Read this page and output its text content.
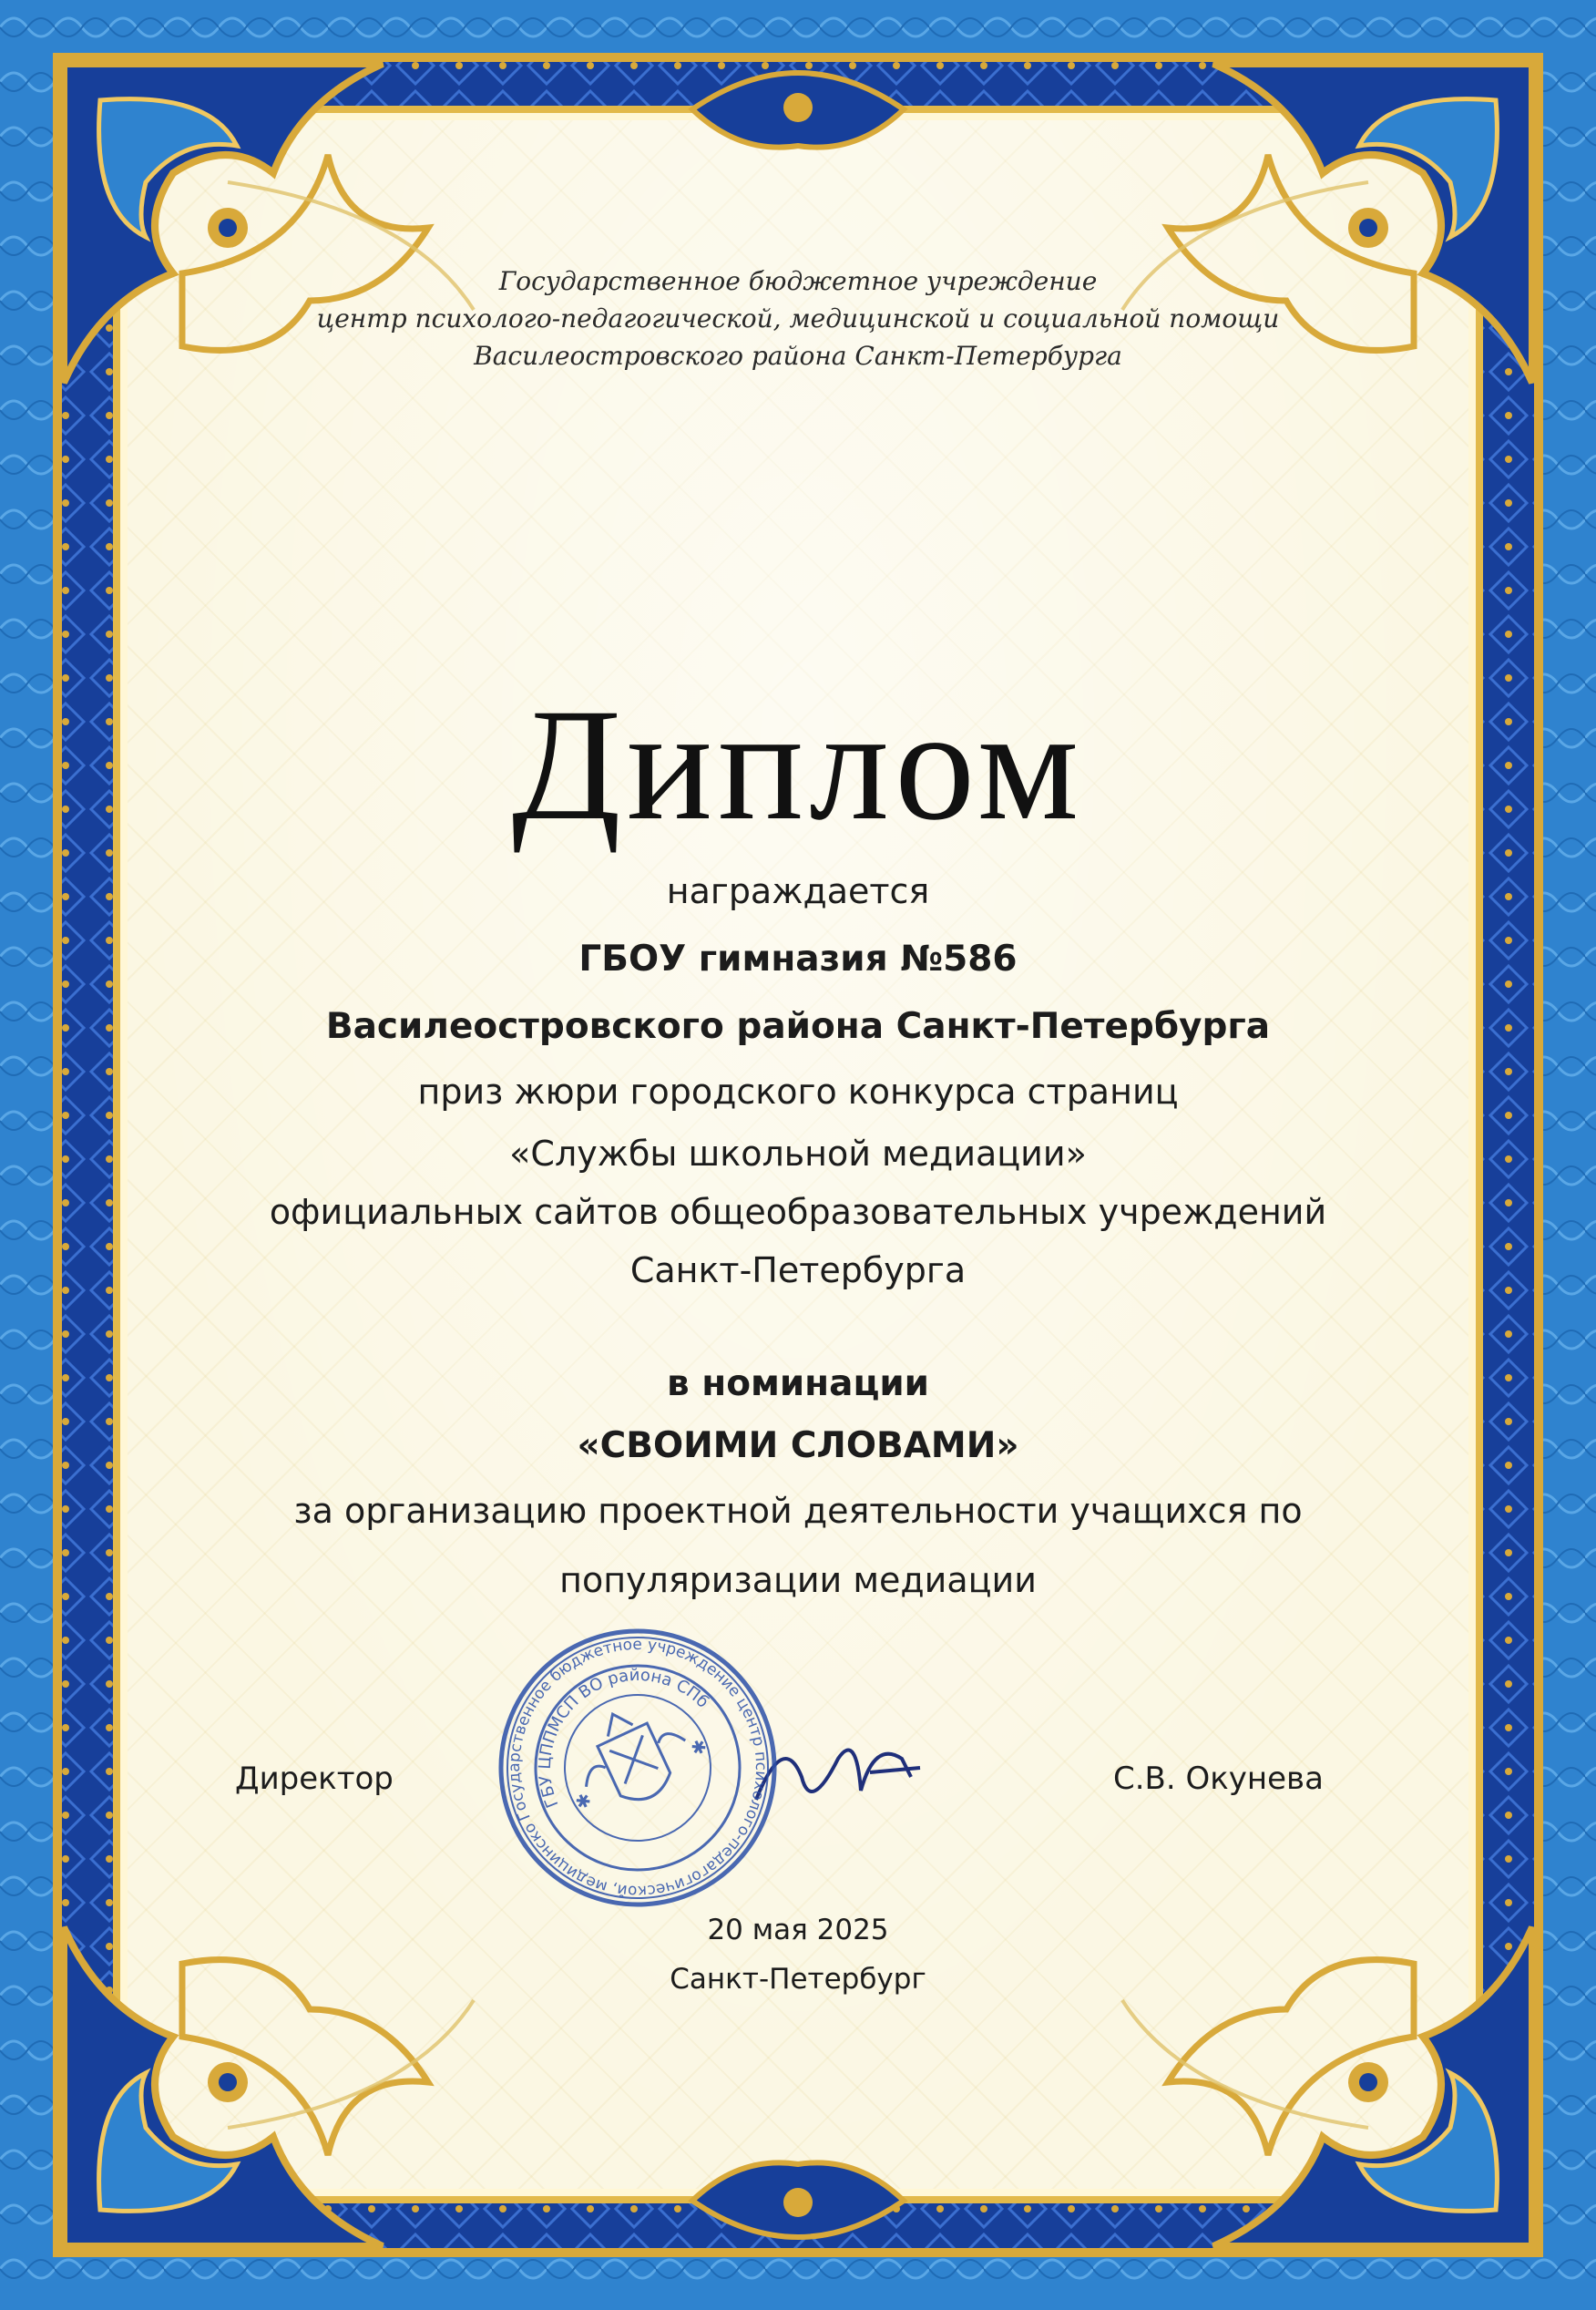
Государственное бюджетное учреждение
центр психолого-педагогической, медицинской и социальной помощи
Василеостровского района Санкт-Петербурга
Диплом

награждается

ГБОУ гимназия №586

Василеостровского района Санкт-Петербурга

приз жюри городского конкурса страниц

«Службы школьной медиации»

официальных сайтов общеобразовательных учреждений

Санкт-Петербурга

в номинации

«СВОИМИ СЛОВАМИ»

за организацию проектной деятельности учащихся по

популяризации медиации

Директор	С.В. Окунева

Государственное бюджетное учреждение центр психолого-педагогической, медицинской
ГБУ ЦППМСП ВО района СПб
✱
✱

20 мая 2025

Санкт-Петербург
